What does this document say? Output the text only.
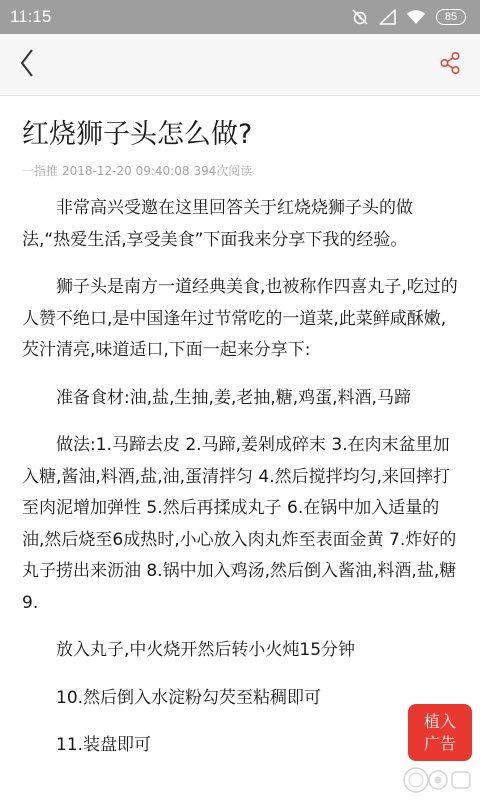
11:15	85
红烧狮子头怎么做?
一指推 2018-12-20 09:40:08 394次阅读

非常高兴受邀在这里回答关于红烧烧狮子头的做法,“热爱生活,享受美食”下面我来分享下我的经验。

狮子头是南方一道经典美食,也被称作四喜丸子,吃过的人赞不绝口,是中国逢年过节常吃的一道菜,此菜鲜咸酥嫩,芡汁清亮,味道适口,下面一起来分享下:

准备食材:油,盐,生抽,姜,老抽,糖,鸡蛋,料酒,马蹄

做法:1.马蹄去皮 2.马蹄,姜剁成碎末 3.在肉末盆里加入糖,酱油,料酒,盐,油,蛋清拌匀 4.然后搅拌均匀,来回摔打至肉泥增加弹性 5.然后再揉成丸子 6.在锅中加入适量的油,然后烧至6成热时,小心放入肉丸炸至表面金黄 7.炸好的丸子捞出来沥油 8.锅中加入鸡汤,然后倒入酱油,料酒,盐,糖 9.

放入丸子,中火烧开然后转小火炖15分钟

10.然后倒入水淀粉勾芡至粘稠即可

11.装盘即可

植入
广告
